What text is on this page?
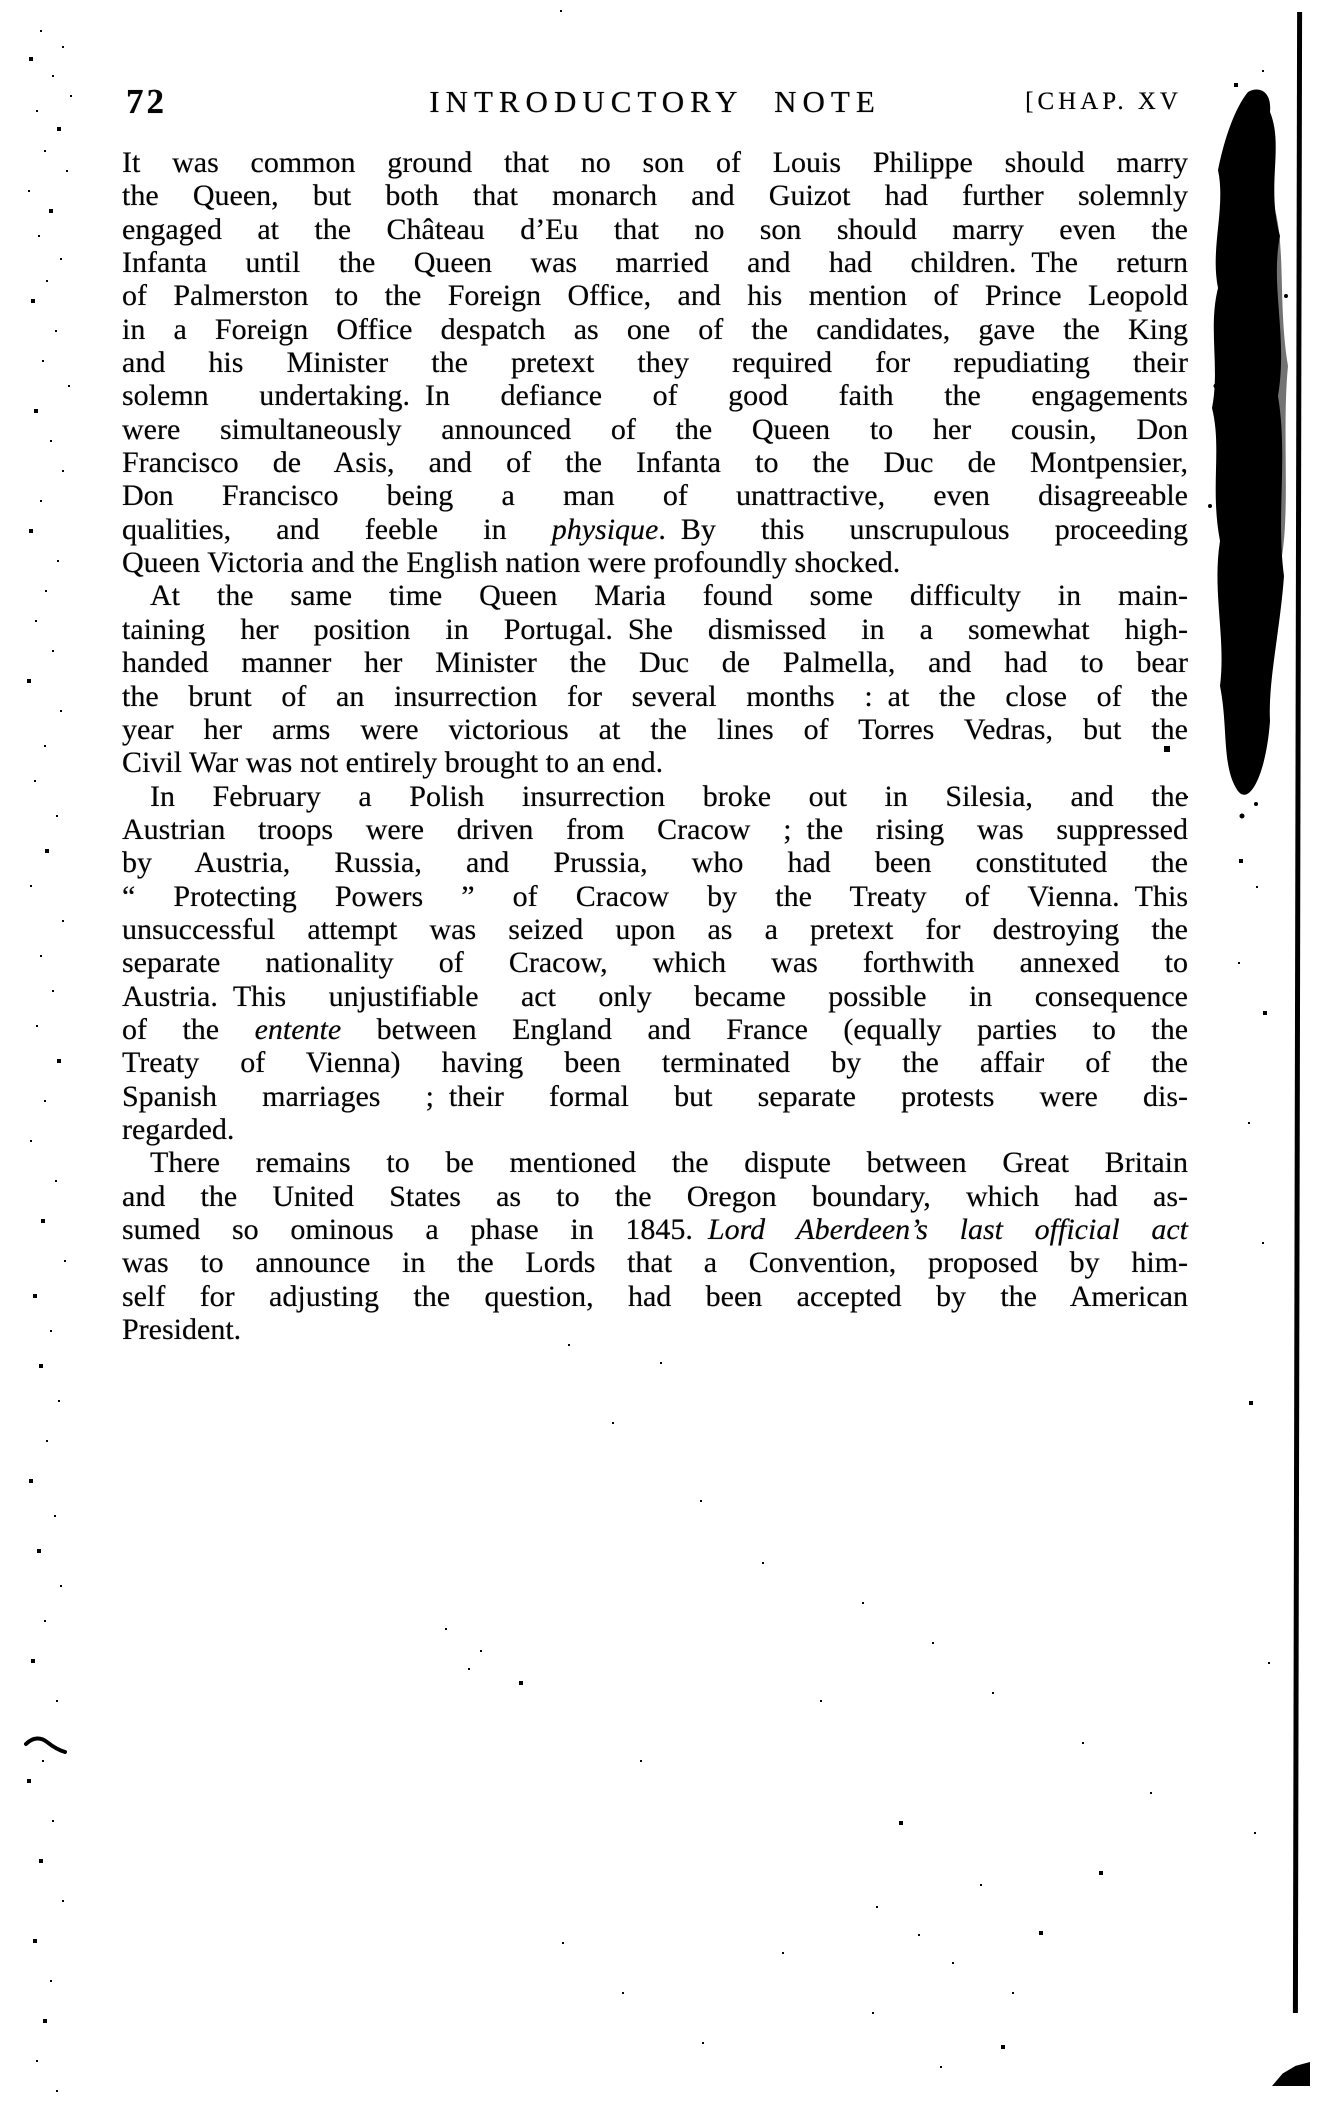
72	INTRODUCTORY NOTE	[CHAP. XV
It was common ground that no son of Louis Philippe should marry
the Queen, but both that monarch and Guizot had further solemnly
engaged at the Château d’Eu that no son should marry even the
Infanta until the Queen was married and had children. The return
of Palmerston to the Foreign Office, and his mention of Prince Leopold
in a Foreign Office despatch as one of the candidates, gave the King
and his Minister the pretext they required for repudiating their
solemn undertaking. In defiance of good faith the engagements
were simultaneously announced of the Queen to her cousin, Don
Francisco de Asis, and of the Infanta to the Duc de Montpensier,
Don Francisco being a man of unattractive, even disagreeable
qualities, and feeble in physique. By this unscrupulous proceeding
Queen Victoria and the English nation were profoundly shocked.
At the same time Queen Maria found some difficulty in main-
taining her position in Portugal. She dismissed in a somewhat high-
handed manner her Minister the Duc de Palmella, and had to bear
the brunt of an insurrection for several months : at the close of the
year her arms were victorious at the lines of Torres Vedras, but the
Civil War was not entirely brought to an end.
In February a Polish insurrection broke out in Silesia, and the
Austrian troops were driven from Cracow ; the rising was suppressed
by Austria, Russia, and Prussia, who had been constituted the
“ Protecting Powers ” of Cracow by the Treaty of Vienna. This
unsuccessful attempt was seized upon as a pretext for destroying the
separate nationality of Cracow, which was forthwith annexed to
Austria. This unjustifiable act only became possible in consequence
of the entente between England and France (equally parties to the
Treaty of Vienna) having been terminated by the affair of the
Spanish marriages ; their formal but separate protests were dis-
regarded.
There remains to be mentioned the dispute between Great Britain
and the United States as to the Oregon boundary, which had as-
sumed so ominous a phase in 1845. Lord Aberdeen’s last official act
was to announce in the Lords that a Convention, proposed by him-
self for adjusting the question, had been accepted by the American
President.
